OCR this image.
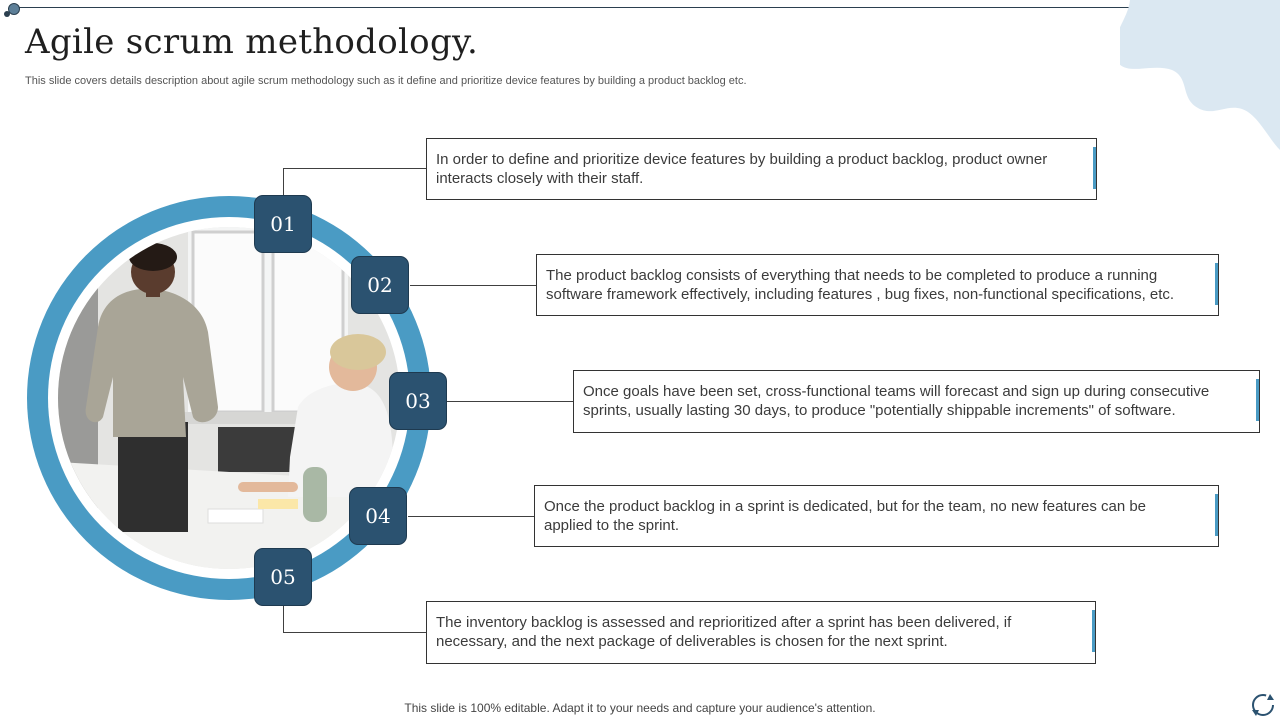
Agile scrum methodology.

This slide covers details description about agile scrum methodology such as it define and prioritize device features by building a product backlog etc.

01
02
03
04
05
In order to define and prioritize device features by building a product backlog, product owner interacts closely with their staff.
The product backlog consists of everything that needs to be completed to produce a running software framework effectively, including features , bug fixes, non-functional specifications, etc.
Once goals have been set, cross-functional teams will forecast and sign up during consecutive sprints, usually lasting 30 days, to produce "potentially shippable increments" of software.
Once the product backlog in a sprint is dedicated, but for the team, no new features can be applied to the sprint.
The inventory backlog is assessed and reprioritized after a sprint has been delivered, if necessary, and the next package of deliverables is chosen for the next sprint.

This slide is 100% editable. Adapt it to your needs and capture your audience's attention.
